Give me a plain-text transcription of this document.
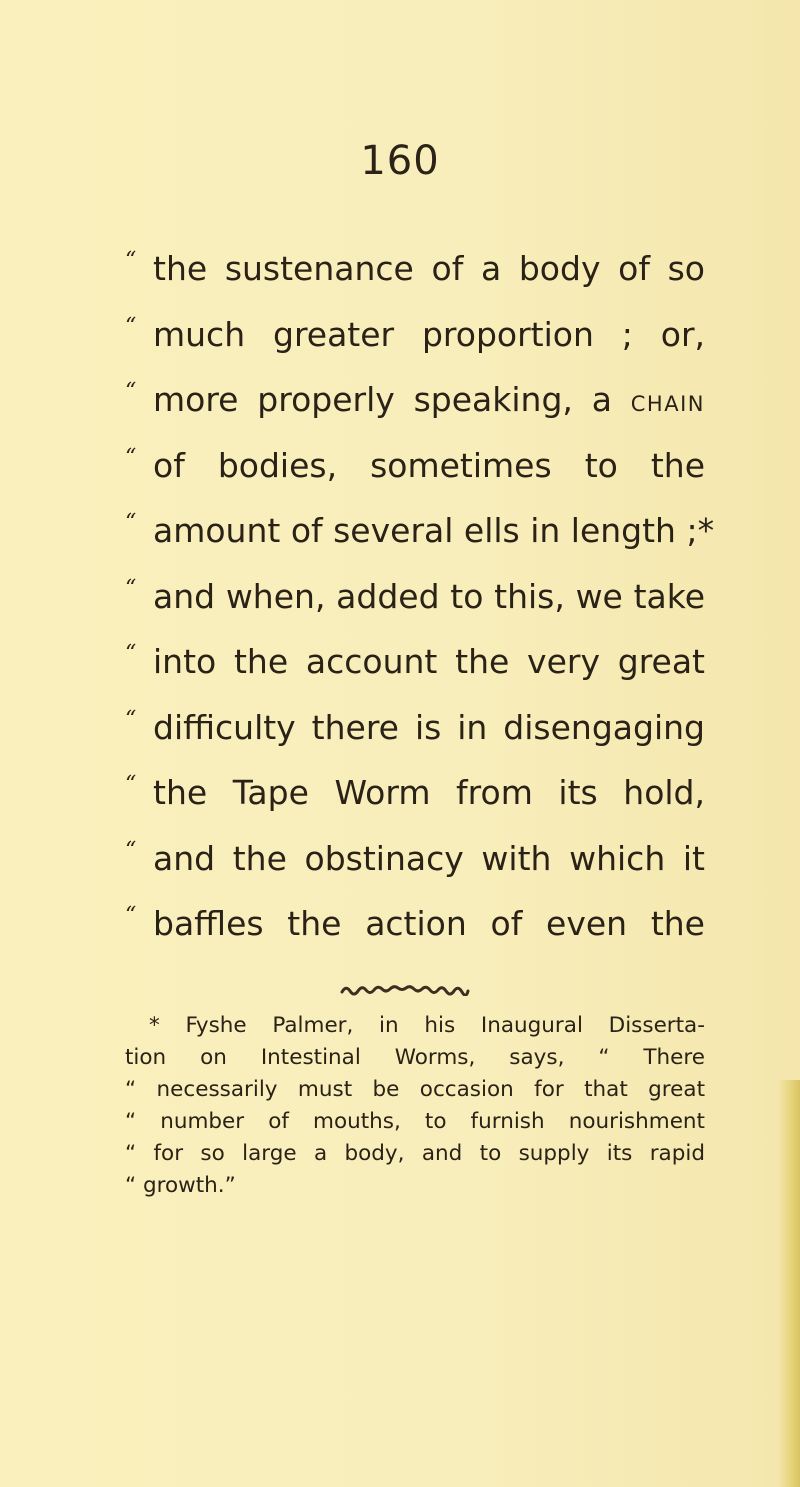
160
“ the sustenance of a body of so
“ much greater proportion ; or,
“ more properly speaking, a CHAIN
“ of bodies, sometimes to the
“ amount of several ells in length ;*
“ and when, added to this, we take
“ into the account the very great
“ difficulty there is in disengaging
“ the Tape Worm from its hold,
“ and the obstinacy with which it
“ baffles the action of even the
* Fyshe Palmer, in his Inaugural Disserta-
tion on Intestinal Worms, says, “ There
“ necessarily must be occasion for that great
“ number of mouths, to furnish nourishment
“ for so large a body, and to supply its rapid
“ growth.”
